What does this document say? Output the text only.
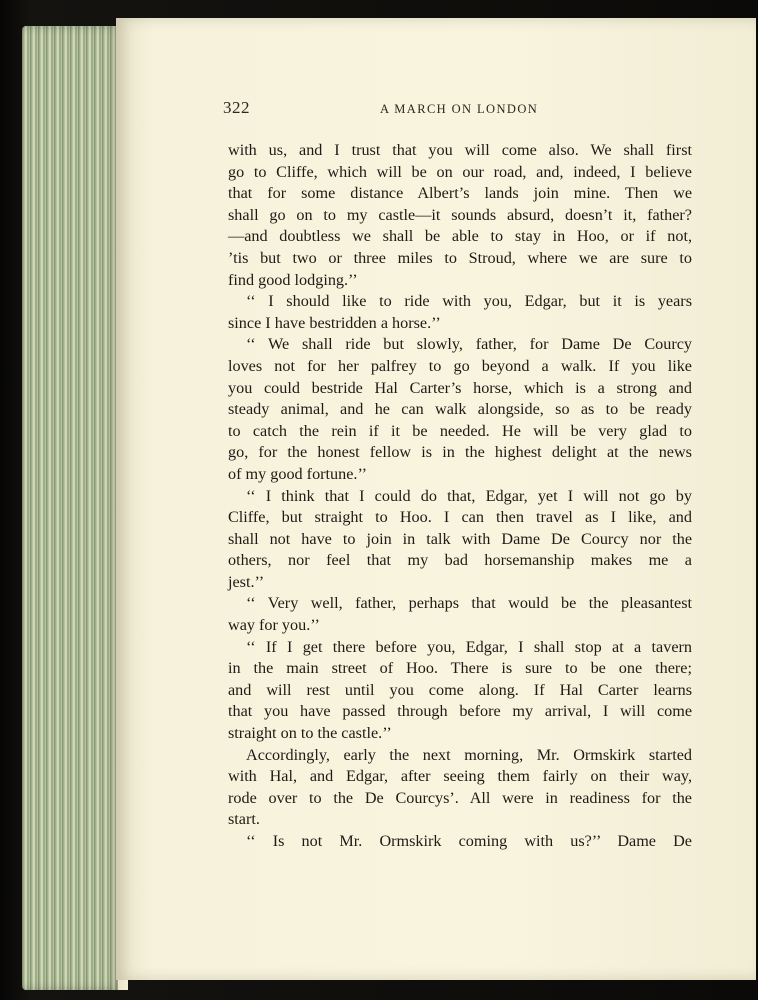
322	A MARCH ON LONDON
with us, and I trust that you will come also. We shall first
go to Cliffe, which will be on our road, and, indeed, I believe
that for some distance Albert’s lands join mine. Then we
shall go on to my castle—it sounds absurd, doesn’t it, father?
—and doubtless we shall be able to stay in Hoo, or if not,
’tis but two or three miles to Stroud, where we are sure to
find good lodging.’’
‘‘ I should like to ride with you, Edgar, but it is years
since I have bestridden a horse.’’
‘‘ We shall ride but slowly, father, for Dame De Courcy
loves not for her palfrey to go beyond a walk. If you like
you could bestride Hal Carter’s horse, which is a strong and
steady animal, and he can walk alongside, so as to be ready
to catch the rein if it be needed. He will be very glad to
go, for the honest fellow is in the highest delight at the news
of my good fortune.’’
‘‘ I think that I could do that, Edgar, yet I will not go by
Cliffe, but straight to Hoo. I can then travel as I like, and
shall not have to join in talk with Dame De Courcy nor the
others, nor feel that my bad horsemanship makes me a
jest.’’
‘‘ Very well, father, perhaps that would be the pleasantest
way for you.’’
‘‘ If I get there before you, Edgar, I shall stop at a tavern
in the main street of Hoo. There is sure to be one there;
and will rest until you come along. If Hal Carter learns
that you have passed through before my arrival, I will come
straight on to the castle.’’
Accordingly, early the next morning, Mr. Ormskirk started
with Hal, and Edgar, after seeing them fairly on their way,
rode over to the De Courcys’. All were in readiness for the
start.
‘‘ Is not Mr. Ormskirk coming with us?’’ Dame De
